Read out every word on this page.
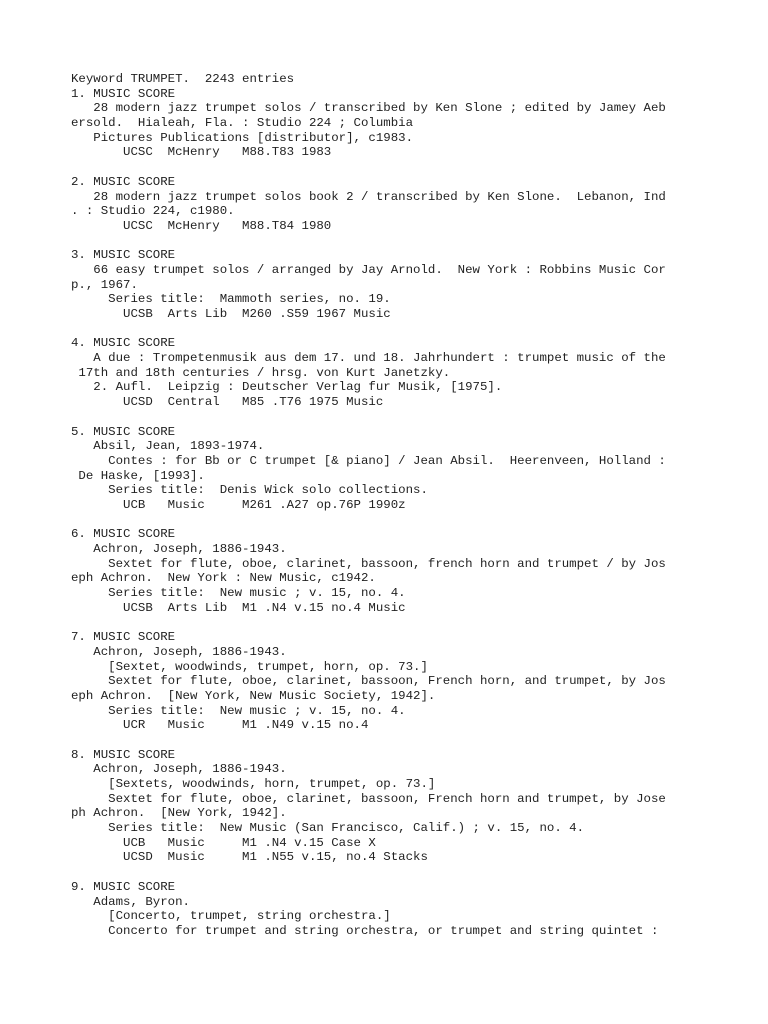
Keyword TRUMPET.  2243 entries
1. MUSIC SCORE
28 modern jazz trumpet solos / transcribed by Ken Slone ; edited by Jamey Aeb
ersold.  Hialeah, Fla. : Studio 224 ; Columbia
Pictures Publications [distributor], c1983.
UCSC  McHenry   M88.T83 1983
2. MUSIC SCORE
28 modern jazz trumpet solos book 2 / transcribed by Ken Slone.  Lebanon, Ind
. : Studio 224, c1980.
UCSC  McHenry   M88.T84 1980
3. MUSIC SCORE
66 easy trumpet solos / arranged by Jay Arnold.  New York : Robbins Music Cor
p., 1967.
Series title:  Mammoth series, no. 19.
UCSB  Arts Lib  M260 .S59 1967 Music
4. MUSIC SCORE
A due : Trompetenmusik aus dem 17. und 18. Jahrhundert : trumpet music of the
17th and 18th centuries / hrsg. von Kurt Janetzky.
2. Aufl.  Leipzig : Deutscher Verlag fur Musik, [1975].
UCSD  Central   M85 .T76 1975 Music
5. MUSIC SCORE
Absil, Jean, 1893-1974.
Contes : for Bb or C trumpet [& piano] / Jean Absil.  Heerenveen, Holland :
De Haske, [1993].
Series title:  Denis Wick solo collections.
UCB   Music     M261 .A27 op.76P 1990z
6. MUSIC SCORE
Achron, Joseph, 1886-1943.
Sextet for flute, oboe, clarinet, bassoon, french horn and trumpet / by Jos
eph Achron.  New York : New Music, c1942.
Series title:  New music ; v. 15, no. 4.
UCSB  Arts Lib  M1 .N4 v.15 no.4 Music
7. MUSIC SCORE
Achron, Joseph, 1886-1943.
[Sextet, woodwinds, trumpet, horn, op. 73.]
Sextet for flute, oboe, clarinet, bassoon, French horn, and trumpet, by Jos
eph Achron.  [New York, New Music Society, 1942].
Series title:  New music ; v. 15, no. 4.
UCR   Music     M1 .N49 v.15 no.4
8. MUSIC SCORE
Achron, Joseph, 1886-1943.
[Sextets, woodwinds, horn, trumpet, op. 73.]
Sextet for flute, oboe, clarinet, bassoon, French horn and trumpet, by Jose
ph Achron.  [New York, 1942].
Series title:  New Music (San Francisco, Calif.) ; v. 15, no. 4.
UCB   Music     M1 .N4 v.15 Case X
UCSD  Music     M1 .N55 v.15, no.4 Stacks
9. MUSIC SCORE
Adams, Byron.
[Concerto, trumpet, string orchestra.]
Concerto for trumpet and string orchestra, or trumpet and string quintet :
